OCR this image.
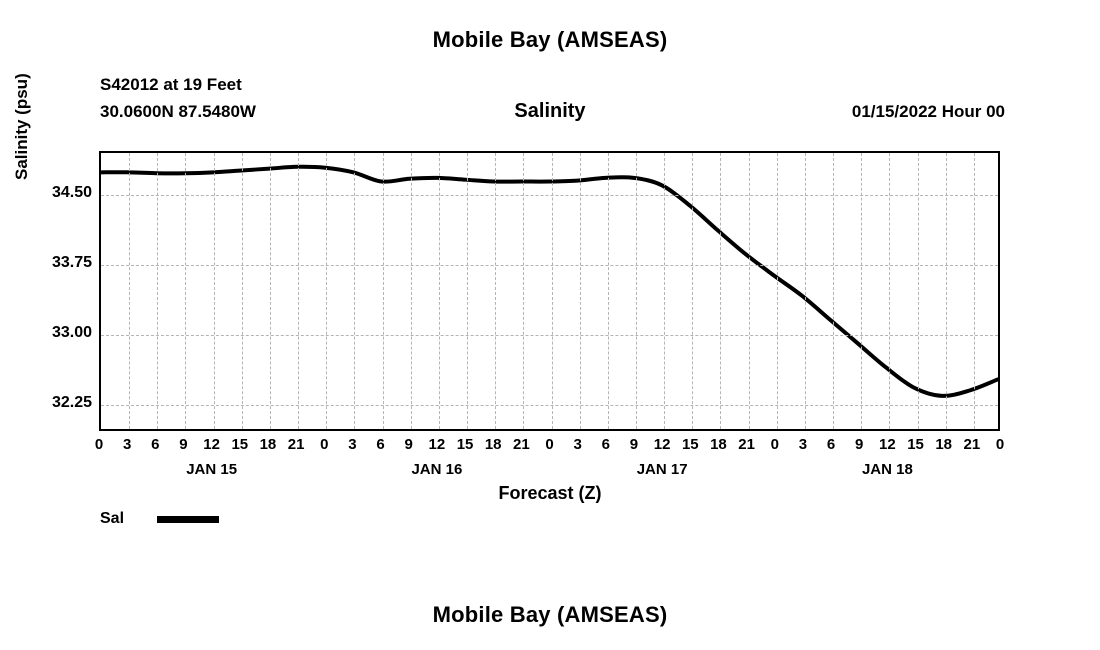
Mobile Bay (AMSEAS)
S42012 at 19 Feet
30.0600N 87.5480W	Salinity	01/15/2022 Hour 00
Salinity (psu)
32.25
33.00
33.75
34.50
0 3 6 9 12 15 18 21 0 3 6 9 12 15 18 21 0 3 6 9 12 15 18 21 0 3 6 9 12 15 18 21 0
JAN 15	JAN 16	JAN 17	JAN 18
Forecast (Z)
Sal
Mobile Bay (AMSEAS)
